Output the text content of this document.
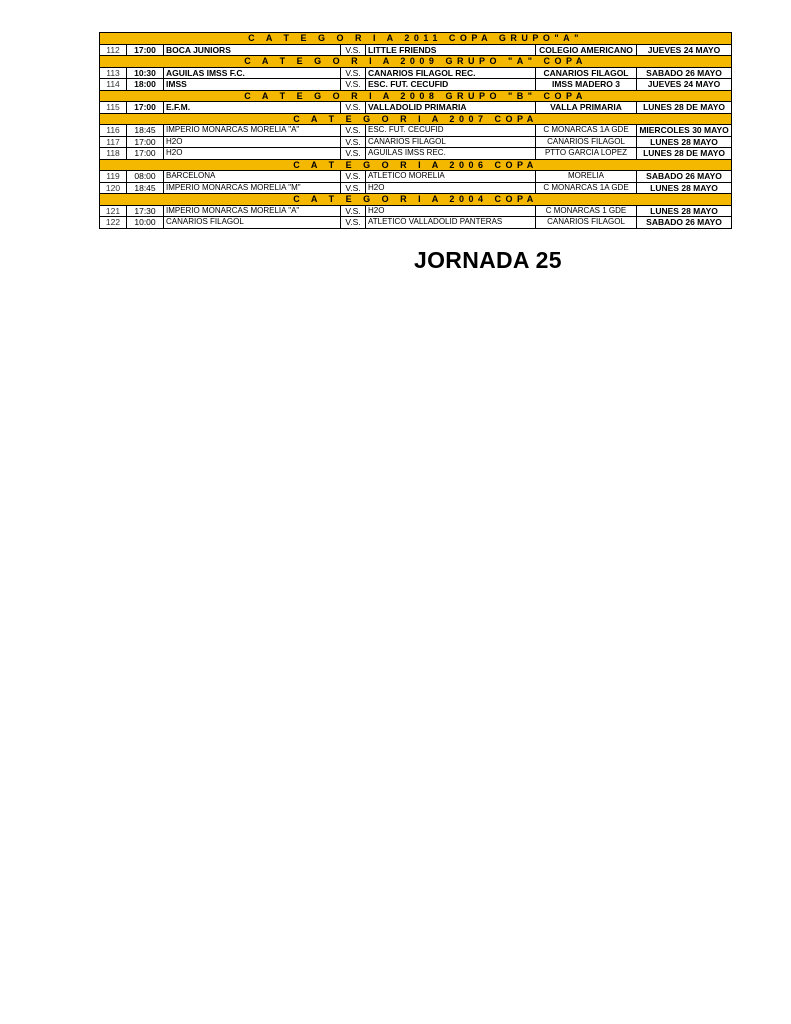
C A T E G O R I A 2011 COPA GRUPO"A"						
112	17:00	BOCA JUNIORS	V.S.	LITTLE FRIENDS	COLEGIO AMERICANO	JUEVES 24 MAYO
C A T E G O R I A 2009 GRUPO "A" COPA						
113	10:30	AGUILAS IMSS F.C.	V.S.	CANARIOS FILAGOL REC.	CANARIOS FILAGOL	SABADO 26 MAYO
114	18:00	IMSS	V.S.	ESC. FUT. CECUFID	IMSS MADERO 3	JUEVES 24 MAYO
C A T E G O R I A 2008 GRUPO "B" COPA						
115	17:00	E.F.M.	V.S.	VALLADOLID PRIMARIA	VALLA PRIMARIA	LUNES 28 DE MAYO
C A T E G O R I A 2007 COPA						
116	18:45	IMPERIO MONARCAS MORELIA "A"	V.S.	ESC. FUT. CECUFID	C MONARCAS 1A GDE	MIERCOLES 30 MAYO
117	17:00	H2O	V.S.	CANARIOS FILAGOL	CANARIOS FILAGOL	LUNES 28 MAYO
118	17:00	H2O	V.S.	AGUILAS IMSS REC.	PTTO GARCIA LOPEZ	LUNES 28 DE MAYO
C A T E G O R I A 2006 COPA						
119	08:00	BARCELONA	V.S.	ATLETICO MORELIA	MORELIA	SABADO 26 MAYO
120	18:45	IMPERIO MONARCAS MORELIA "M"	V.S.	H2O	C MONARCAS 1A GDE	LUNES 28 MAYO
C A T E G O R I A 2004 COPA						
121	17:30	IMPERIO MONARCAS MORELIA "A"	V.S.	H2O	C MONARCAS 1 GDE	LUNES 28 MAYO
122	10:00	CANARIOS FILAGOL	V.S.	ATLETICO VALLADOLID PANTERAS	CANARIOS FILAGOL	SABADO 26 MAYO
JORNADA 25
